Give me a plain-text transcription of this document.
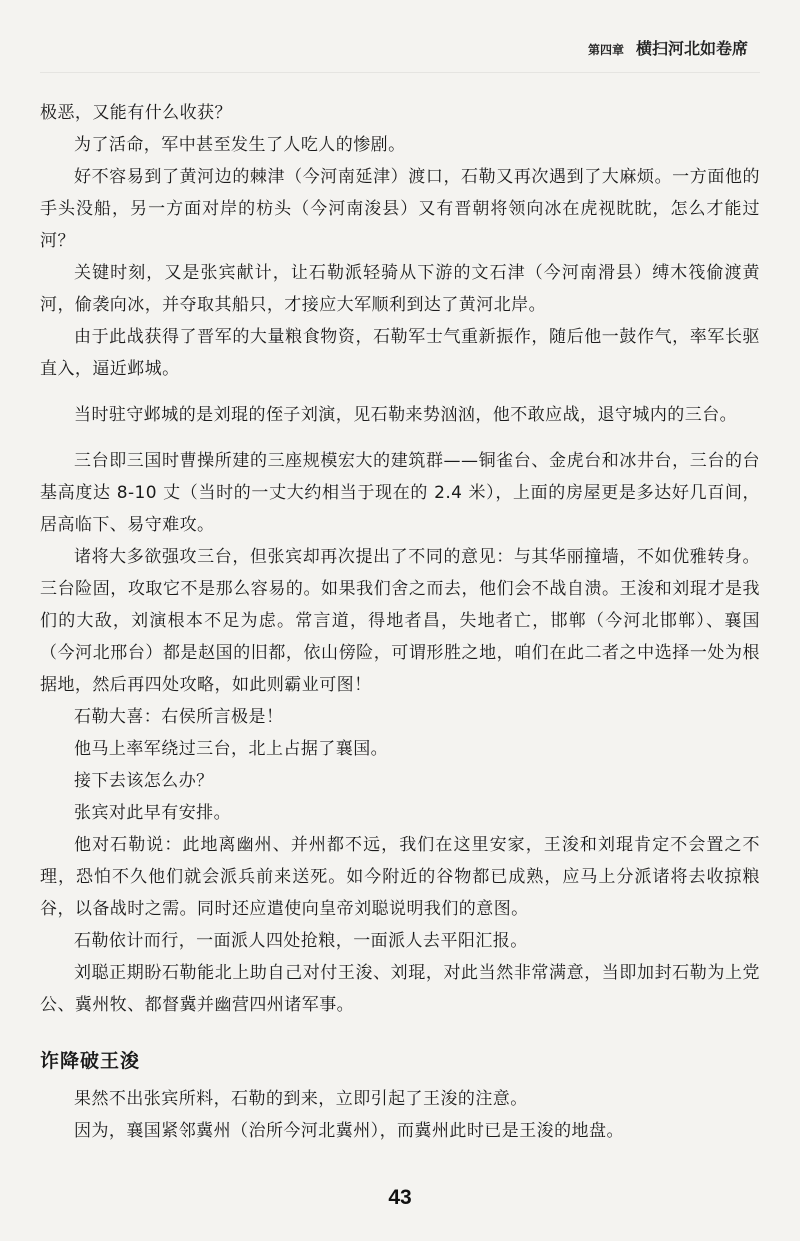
第四章 横扫河北如卷席

极恶，又能有什么收获？

为了活命，军中甚至发生了人吃人的惨剧。

好不容易到了黄河边的棘津（今河南延津）渡口，石勒又再次遇到了大麻烦。一方面他的手头没船，另一方面对岸的枋头（今河南浚县）又有晋朝将领向冰在虎视眈眈，怎么才能过河？

关键时刻，又是张宾献计，让石勒派轻骑从下游的文石津（今河南滑县）缚木筏偷渡黄河，偷袭向冰，并夺取其船只，才接应大军顺利到达了黄河北岸。

由于此战获得了晋军的大量粮食物资，石勒军士气重新振作，随后他一鼓作气，率军长驱直入，逼近邺城。

当时驻守邺城的是刘琨的侄子刘演，见石勒来势汹汹，他不敢应战，退守城内的三台。

三台即三国时曹操所建的三座规模宏大的建筑群——铜雀台、金虎台和冰井台，三台的台基高度达 8-10 丈（当时的一丈大约相当于现在的 2.4 米），上面的房屋更是多达好几百间，居高临下、易守难攻。

诸将大多欲强攻三台，但张宾却再次提出了不同的意见：与其华丽撞墙，不如优雅转身。三台险固，攻取它不是那么容易的。如果我们舍之而去，他们会不战自溃。王浚和刘琨才是我们的大敌，刘演根本不足为虑。常言道，得地者昌，失地者亡，邯郸（今河北邯郸）、襄国（今河北邢台）都是赵国的旧都，依山傍险，可谓形胜之地，咱们在此二者之中选择一处为根据地，然后再四处攻略，如此则霸业可图！

石勒大喜：右侯所言极是！

他马上率军绕过三台，北上占据了襄国。

接下去该怎么办？

张宾对此早有安排。

他对石勒说：此地离幽州、并州都不远，我们在这里安家，王浚和刘琨肯定不会置之不理，恐怕不久他们就会派兵前来送死。如今附近的谷物都已成熟，应马上分派诸将去收掠粮谷，以备战时之需。同时还应遣使向皇帝刘聪说明我们的意图。

石勒依计而行，一面派人四处抢粮，一面派人去平阳汇报。

刘聪正期盼石勒能北上助自己对付王浚、刘琨，对此当然非常满意，当即加封石勒为上党公、冀州牧、都督冀并幽营四州诸军事。

诈降破王浚

果然不出张宾所料，石勒的到来，立即引起了王浚的注意。

因为，襄国紧邻冀州（治所今河北冀州），而冀州此时已是王浚的地盘。

43
